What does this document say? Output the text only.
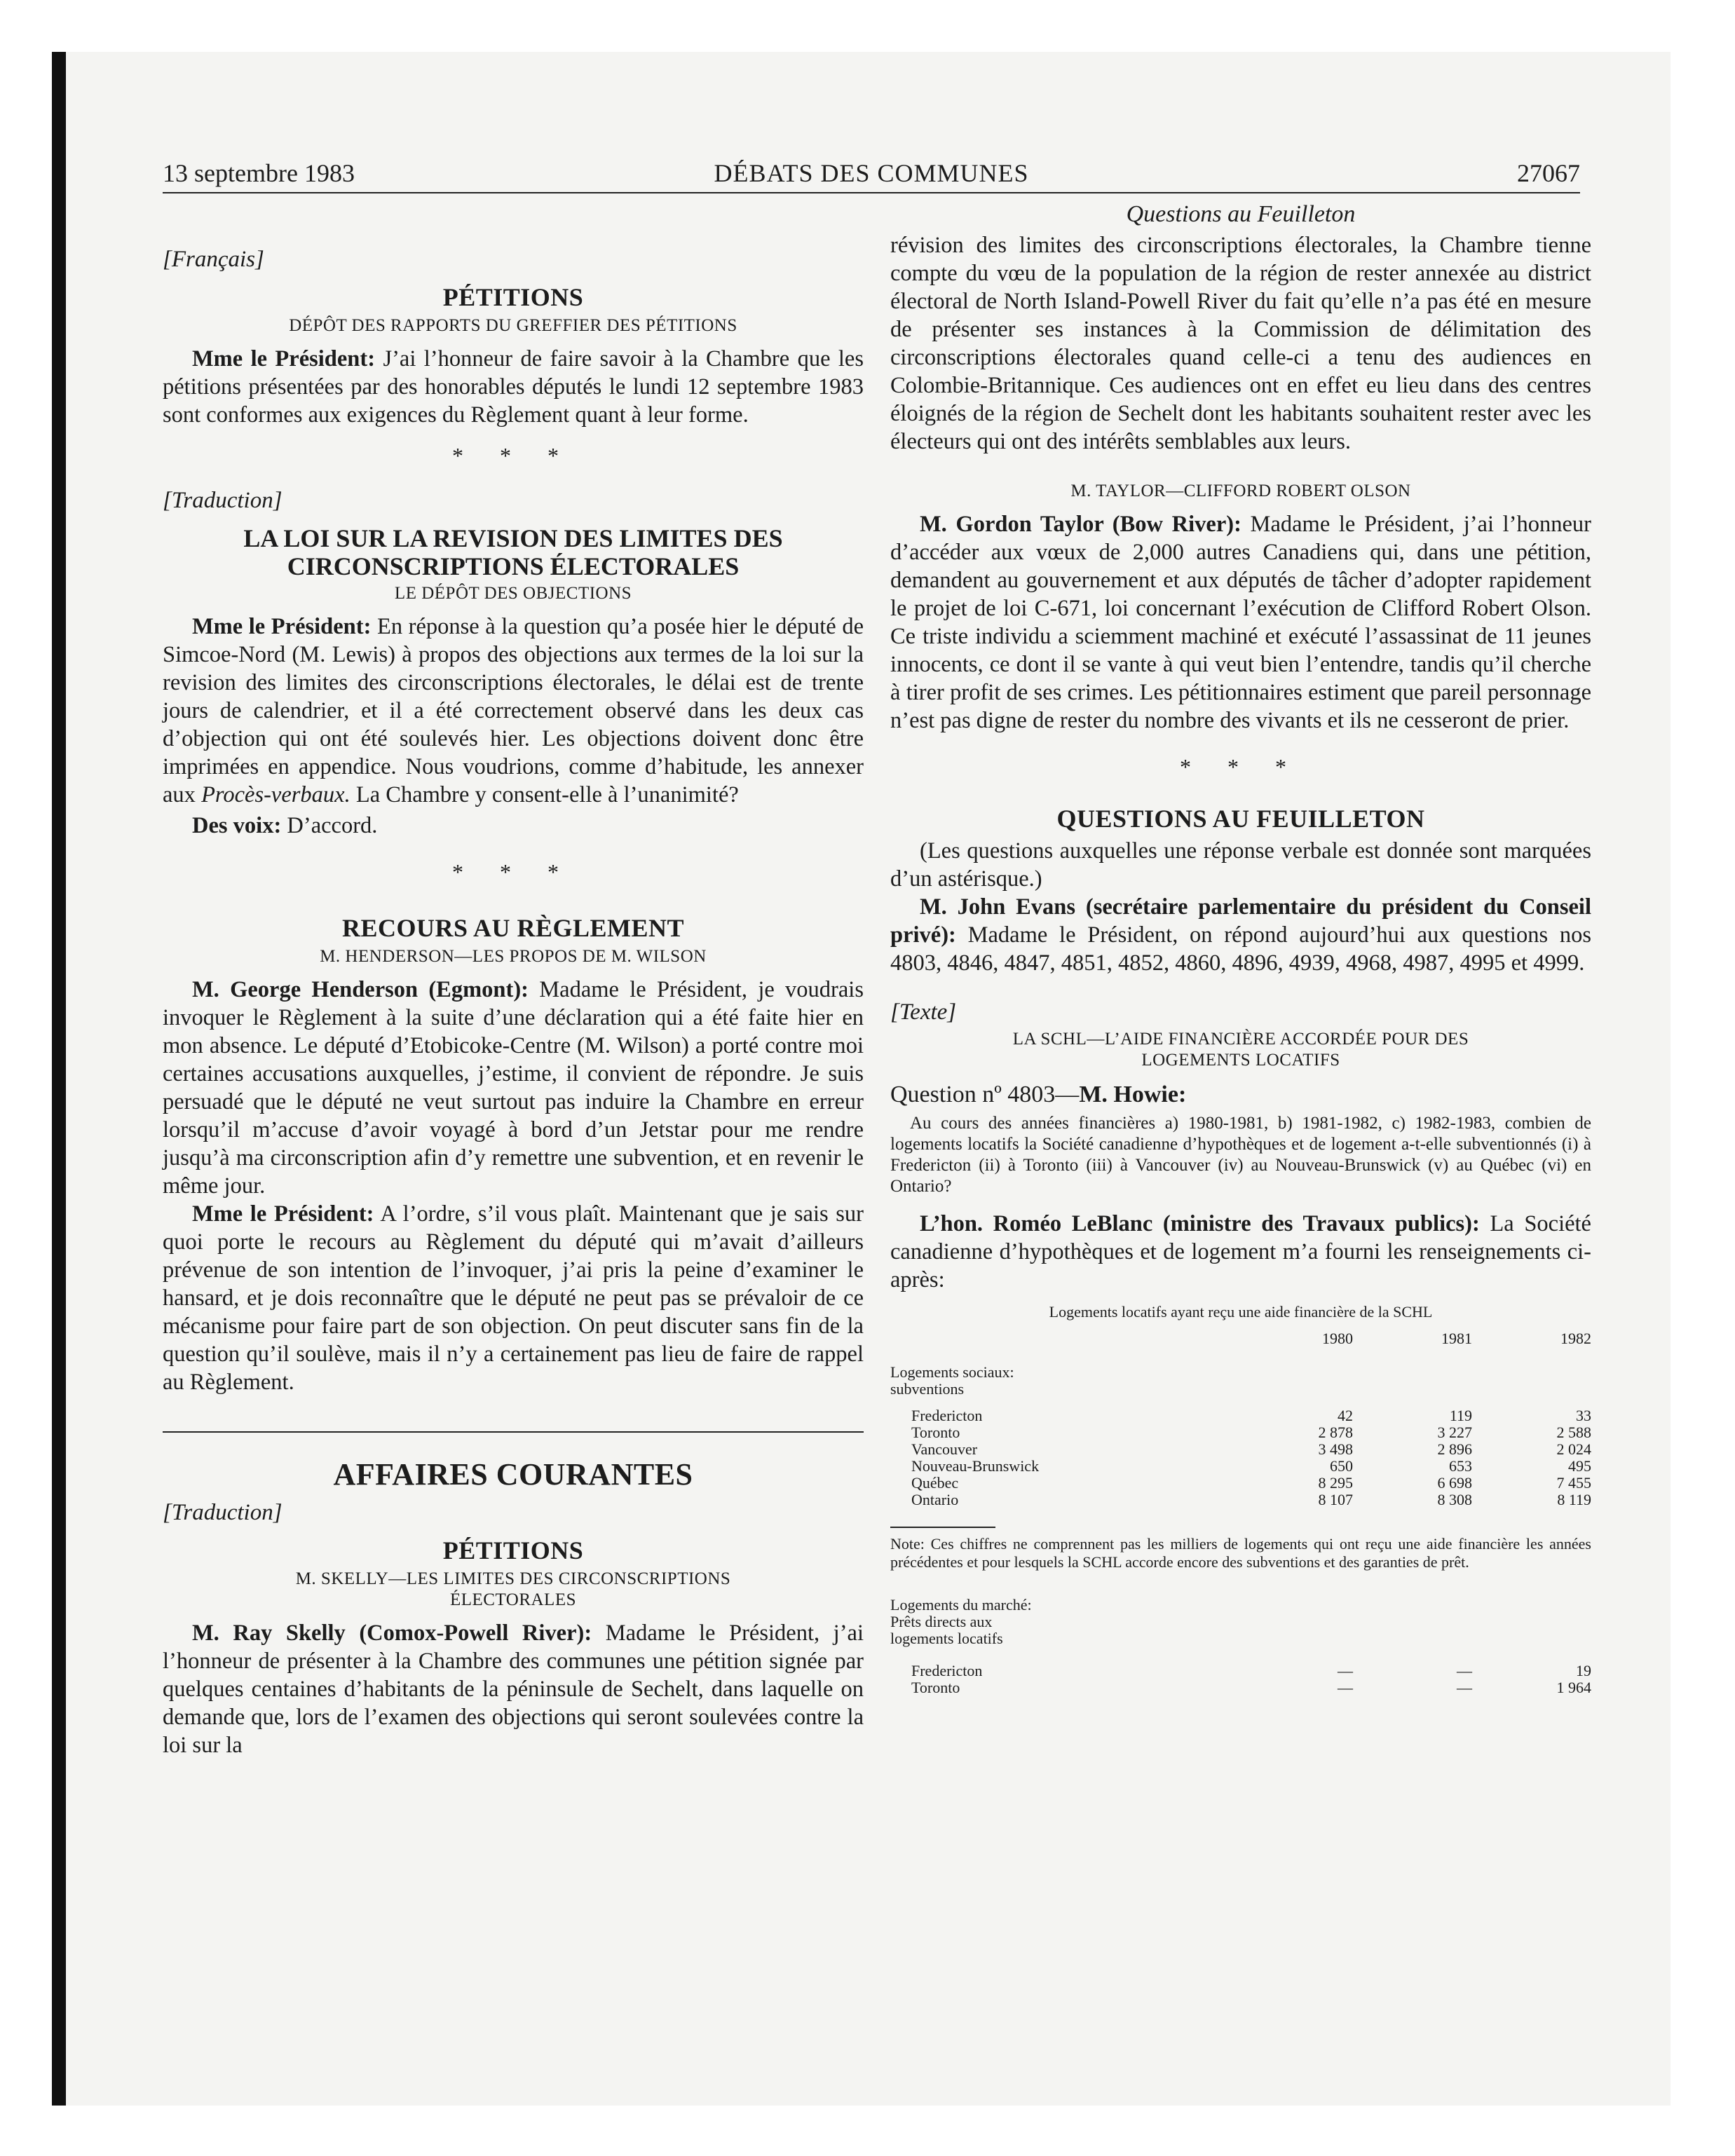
13 septembre 1983	DÉBATS DES COMMUNES	27067
[Français]
PÉTITIONS
DÉPÔT DES RAPPORTS DU GREFFIER DES PÉTITIONS

Mme le Président: J’ai l’honneur de faire savoir à la Chambre que les pétitions présentées par des honorables députés le lundi 12 septembre 1983 sont conformes aux exigences du Règlement quant à leur forme.

* * *
[Traduction]
LA LOI SUR LA REVISION DES LIMITES DES CIRCONSCRIPTIONS ÉLECTORALES
LE DÉPÔT DES OBJECTIONS

Mme le Président: En réponse à la question qu’a posée hier le député de Simcoe-Nord (M. Lewis) à propos des objections aux termes de la loi sur la revision des limites des circonscriptions électorales, le délai est de trente jours de calendrier, et il a été correctement observé dans les deux cas d’objection qui ont été soulevés hier. Les objections doivent donc être imprimées en appendice. Nous voudrions, comme d’habitude, les annexer aux Procès-verbaux. La Chambre y consent-elle à l’unanimité?

Des voix: D’accord.

* * *
RECOURS AU RÈGLEMENT
M. HENDERSON—LES PROPOS DE M. WILSON

M. George Henderson (Egmont): Madame le Président, je voudrais invoquer le Règlement à la suite d’une déclaration qui a été faite hier en mon absence. Le député d’Etobicoke-Centre (M. Wilson) a porté contre moi certaines accusations auxquelles, j’estime, il convient de répondre. Je suis persuadé que le député ne veut surtout pas induire la Chambre en erreur lorsqu’il m’accuse d’avoir voyagé à bord d’un Jetstar pour me rendre jusqu’à ma circonscription afin d’y remettre une subvention, et en revenir le même jour.

Mme le Président: A l’ordre, s’il vous plaît. Maintenant que je sais sur quoi porte le recours au Règlement du député qui m’avait d’ailleurs prévenue de son intention de l’invoquer, j’ai pris la peine d’examiner le hansard, et je dois reconnaître que le député ne peut pas se prévaloir de ce mécanisme pour faire part de son objection. On peut discuter sans fin de la question qu’il soulève, mais il n’y a certainement pas lieu de faire de rappel au Règlement.

AFFAIRES COURANTES
[Traduction]
PÉTITIONS
M. SKELLY—LES LIMITES DES CIRCONSCRIPTIONS ÉLECTORALES

M. Ray Skelly (Comox-Powell River): Madame le Président, j’ai l’honneur de présenter à la Chambre des communes une pétition signée par quelques centaines d’habitants de la péninsule de Sechelt, dans laquelle on demande que, lors de l’examen des objections qui seront soulevées contre la loi sur la

Questions au Feuilleton

révision des limites des circonscriptions électorales, la Chambre tienne compte du vœu de la population de la région de rester annexée au district électoral de North Island-Powell River du fait qu’elle n’a pas été en mesure de présenter ses instances à la Commission de délimitation des circonscriptions électorales quand celle-ci a tenu des audiences en Colombie-Britannique. Ces audiences ont en effet eu lieu dans des centres éloignés de la région de Sechelt dont les habitants souhaitent rester avec les électeurs qui ont des intérêts semblables aux leurs.

M. TAYLOR—CLIFFORD ROBERT OLSON

M. Gordon Taylor (Bow River): Madame le Président, j’ai l’honneur d’accéder aux vœux de 2,000 autres Canadiens qui, dans une pétition, demandent au gouvernement et aux députés de tâcher d’adopter rapidement le projet de loi C-671, loi concernant l’exécution de Clifford Robert Olson. Ce triste individu a sciemment machiné et exécuté l’assassinat de 11 jeunes innocents, ce dont il se vante à qui veut bien l’entendre, tandis qu’il cherche à tirer profit de ses crimes. Les pétitionnaires estiment que pareil personnage n’est pas digne de rester du nombre des vivants et ils ne cesseront de prier.

* * *
QUESTIONS AU FEUILLETON

(Les questions auxquelles une réponse verbale est donnée sont marquées d’un astérisque.)

M. John Evans (secrétaire parlementaire du président du Conseil privé): Madame le Président, on répond aujourd’hui aux questions nos 4803, 4846, 4847, 4851, 4852, 4860, 4896, 4939, 4968, 4987, 4995 et 4999.

[Texte]
LA SCHL—L’AIDE FINANCIÈRE ACCORDÉE POUR DES LOGEMENTS LOCATIFS
Question nº 4803—M. Howie:

Au cours des années financières a) 1980-1981, b) 1981-1982, c) 1982-1983, combien de logements locatifs la Société canadienne d’hypothèques et de logement a-t-elle subventionnés (i) à Fredericton (ii) à Toronto (iii) à Vancouver (iv) au Nouveau-Brunswick (v) au Québec (vi) en Ontario?

L’hon. Roméo LeBlanc (ministre des Travaux publics): La Société canadienne d’hypothèques et de logement m’a fourni les renseignements ci-après:

Logements locatifs ayant reçu une aide financière de la SCHL
1980	1981	1982
Logements sociaux:
subventions
Fredericton	42	119	33
Toronto	2 878	3 227	2 588
Vancouver	3 498	2 896	2 024
Nouveau-Brunswick	650	653	495
Québec	8 295	6 698	7 455
Ontario	8 107	8 308	8 119
Note: Ces chiffres ne comprennent pas les milliers de logements qui ont reçu une aide financière les années précédentes et pour lesquels la SCHL accorde encore des subventions et des garanties de prêt.
Logements du marché:
Prêts directs aux
logements locatifs
Fredericton	—	—	19
Toronto	—	—	1 964
